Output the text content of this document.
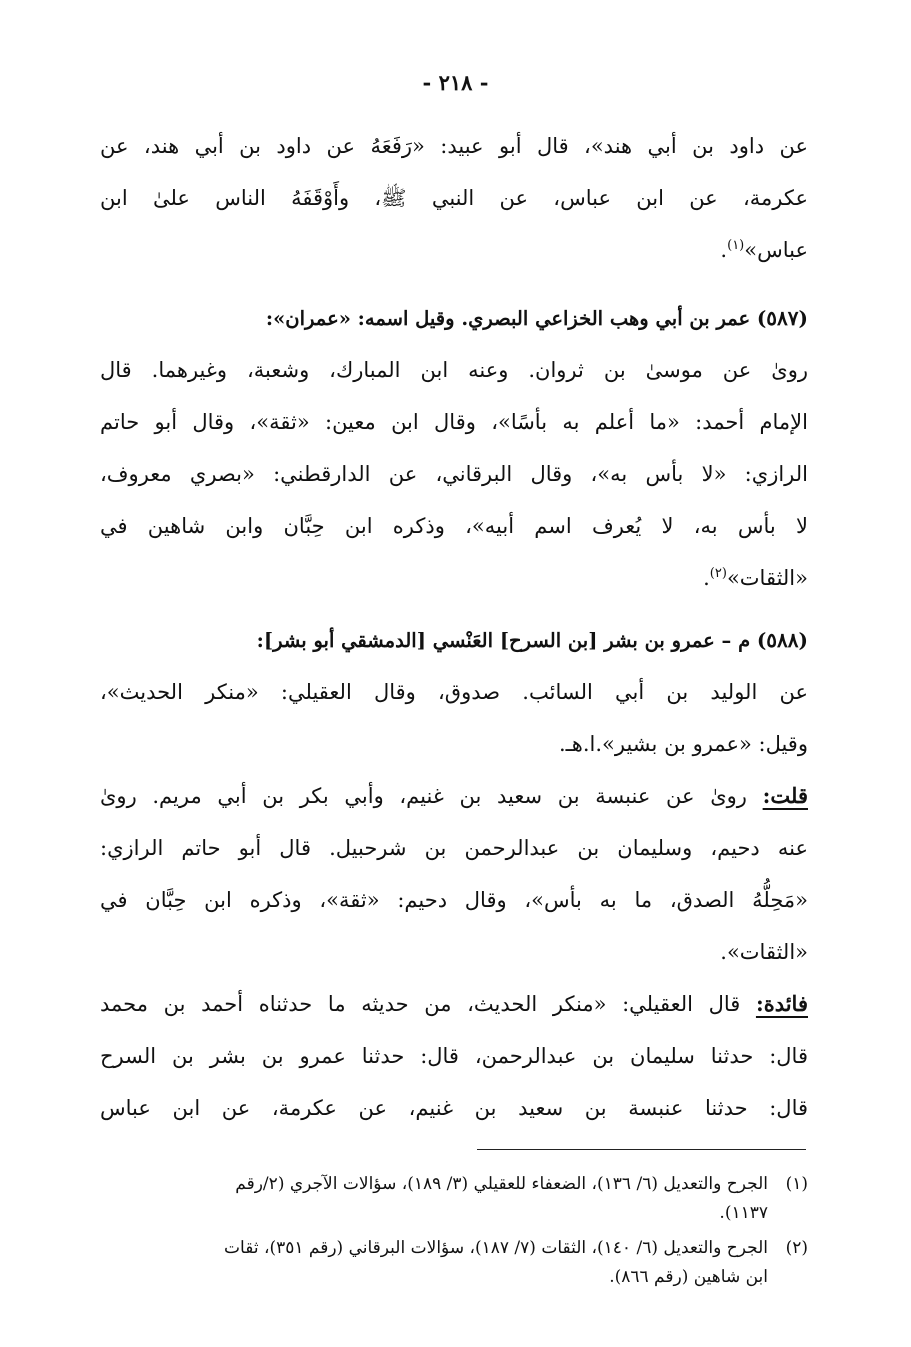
- ٢١٨ -
عن داود بن أبي هند»، قال أبو عبيد: «رَفَعَهُ عن داود بن أبي هند، عن
عكرمة، عن ابن عباس، عن النبي ﷺ، وأَوْقَفَهُ الناس علىٰ ابن
عباس»$^{(١)}$.
(٥٨٧) عمر بن أبي وهب الخزاعي البصري. وقيل اسمه: «عمران»:
روىٰ عن موسىٰ بن ثروان. وعنه ابن المبارك، وشعبة، وغيرهما. قال
الإمام أحمد: «ما أعلم به بأسًا»، وقال ابن معين: «ثقة»، وقال أبو حاتم
الرازي: «لا بأس به»، وقال البرقاني، عن الدارقطني: «بصري معروف،
لا بأس به، لا يُعرف اسم أبيه»، وذكره ابن حِبَّان وابن شاهين في
«الثقات»$^{(٢)}$.
(٥٨٨) م – عمرو بن بشر [بن السرح] العَنْسي [الدمشقي أبو بشر]:
عن الوليد بن أبي السائب. صدوق، وقال العقيلي: «منكر الحديث»،
وقيل: «عمرو بن بشير».ا.هـ.
قلت: روىٰ عن عنبسة بن سعيد بن غنيم، وأبي بكر بن أبي مريم. روىٰ
عنه دحيم، وسليمان بن عبدالرحمن بن شرحبيل. قال أبو حاتم الرازي:
«مَحِلُّهُ الصدق، ما به بأس»، وقال دحيم: «ثقة»، وذكره ابن حِبَّان في
«الثقات».
فائدة: قال العقيلي: «منكر الحديث، من حديثه ما حدثناه أحمد بن محمد
قال: حدثنا سليمان بن عبدالرحمن، قال: حدثنا عمرو بن بشر بن السرح
قال: حدثنا عنبسة بن سعيد بن غنيم، عن عكرمة، عن ابن عباس
(١)الجرح والتعديل (٦/ ١٣٦)، الضعفاء للعقيلي (٣/ ١٨٩)، سؤالات الآجري (٢/رقم
١١٣٧).
(٢)الجرح والتعديل (٦/ ١٤٠)، الثقات (٧/ ١٨٧)، سؤالات البرقاني (رقم ٣٥١)، ثقات
ابن شاهين (رقم ٨٦٦).
